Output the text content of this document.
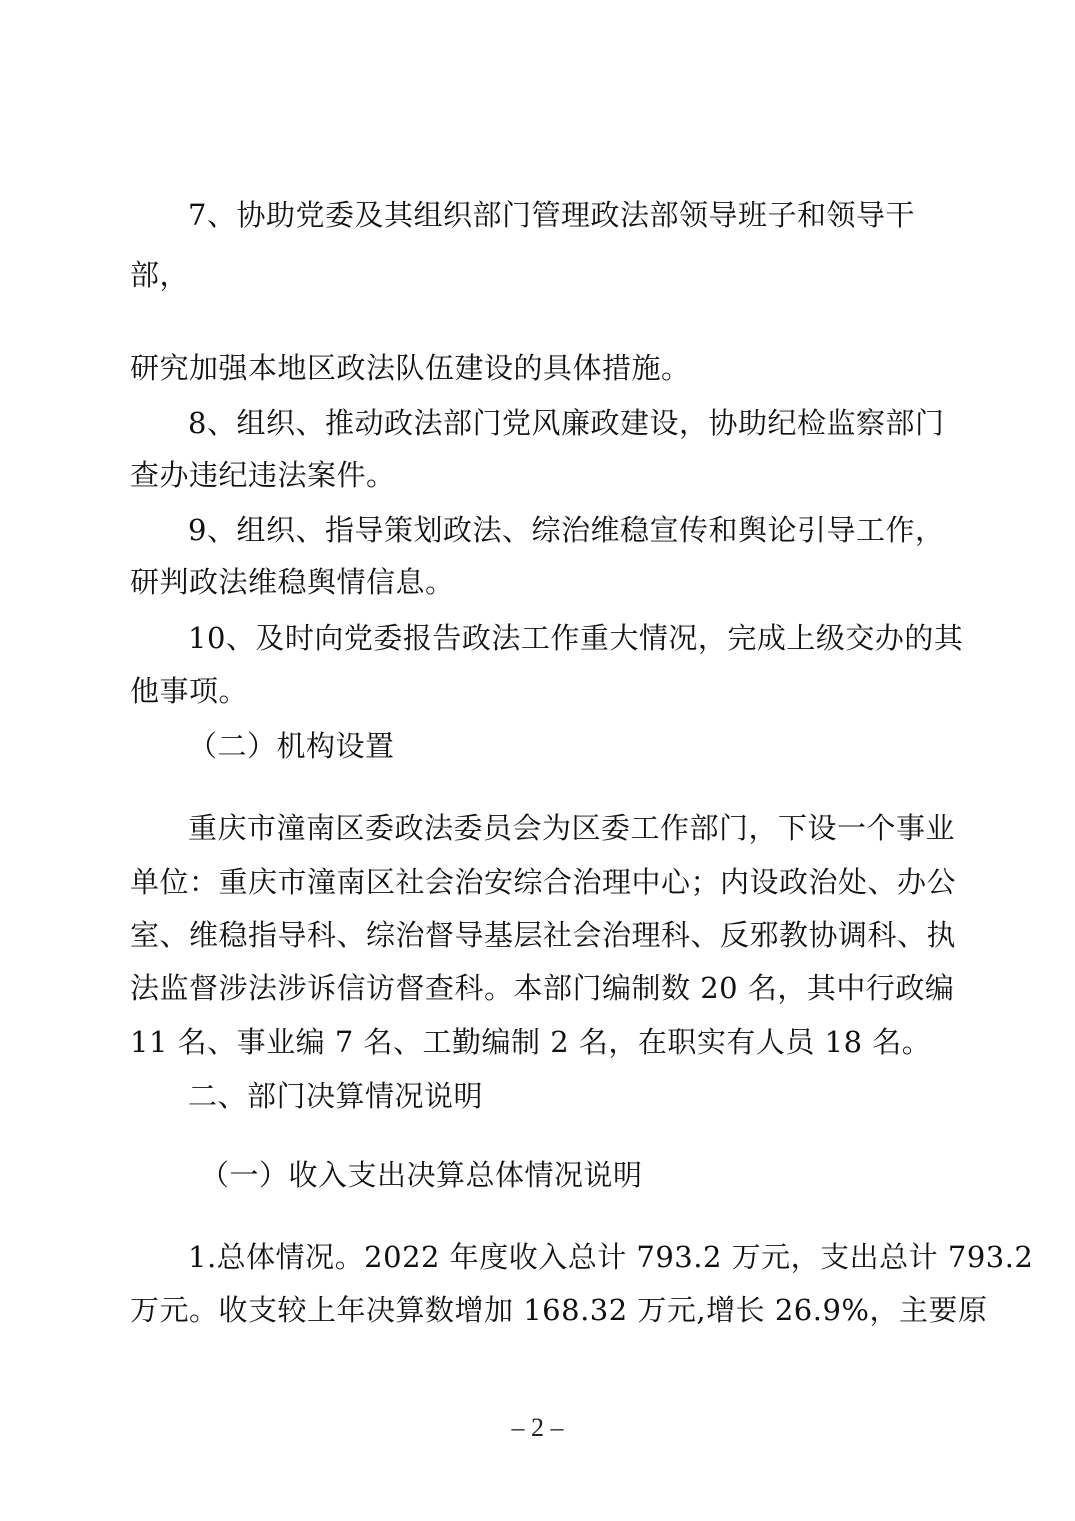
7、协助党委及其组织部门管理政法部领导班子和领导干
部，
研究加强本地区政法队伍建设的具体措施。
8、组织、推动政法部门党风廉政建设，协助纪检监察部门
查办违纪违法案件。
9、组织、指导策划政法、综治维稳宣传和舆论引导工作，
研判政法维稳舆情信息。
10、及时向党委报告政法工作重大情况，完成上级交办的其
他事项。
（二）机构设置
重庆市潼南区委政法委员会为区委工作部门，下设一个事业
单位：重庆市潼南区社会治安综合治理中心；内设政治处、办公
室、维稳指导科、综治督导基层社会治理科、反邪教协调科、执
法监督涉法涉诉信访督查科。本部门编制数 20 名，其中行政编
11 名、事业编 7 名、工勤编制 2 名，在职实有人员 18 名。
二、部门决算情况说明
（一）收入支出决算总体情况说明
1.总体情况。2022 年度收入总计 793.2 万元，支出总计 793.2
万元。收支较上年决算数增加 168.32 万元,增长 26.9%，主要原
– 2 –
